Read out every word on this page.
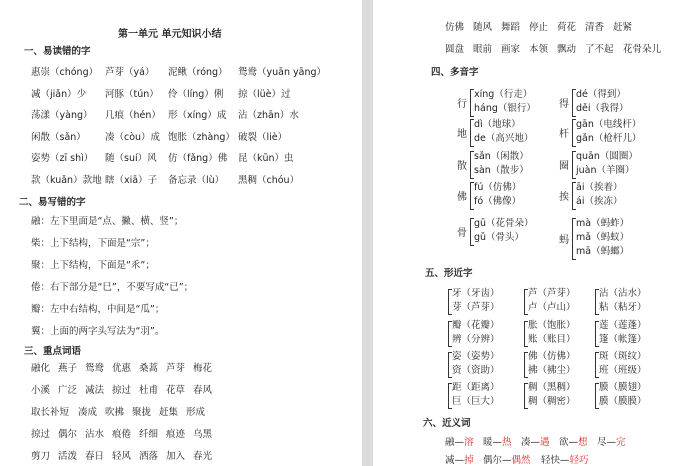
第一单元 单元知识小结
一、易读错的字
惠崇（chóng） 芦芽（yá） 泥鳅（róng） 鸳鸯（yuān yāng）
减（jiǎn）少 河豚（tún） 伶（líng）俐 掠（lüè）过
荡漾（yàng） 几痕（hén） 形（xíng）成 沾（zhān）水
闲散（sǎn） 凑（còu）成 饱胀（zhàng） 破裂（liè）
姿势（zī shì） 随（suí）风 仿（fǎng）佛 昆（kūn）虫
款（kuǎn）款地 瞎（xiā）子 备忘录（lù） 黑稠（chóu）
二、易写错的字
融：左下里面是“点、撇、横、竖”；
柴：上下结构，下面是“宗”；
聚：上下结构，下面是“乑”；
倦：右下部分是“巳”，不要写成“已”；
瓣：左中右结构，中间是“瓜”；
翼：上面的两字头写法为“羽”。
三、重点词语
融化 燕子 鸳鸯 优惠 桑蒿 芦芽 梅花
小溪 广泛 减法 掠过 杜甫 花草 春风
取长补短 凑成 吹拂 聚拢 赶集 形成
掠过 偶尔 沾水 痕倦 纤细 痕迹 乌黑
剪刀 活泼 春日 轻风 洒落 加入 春光
仿佛 随风 舞蹈 停止 荷花 清香 赶紧
圆盘 眼前 画家 本领 飘动 了不起 花骨朵儿
四、多音字
行
xíng（行走）
háng（银行）
地
dì（地球）
de（高兴地）
散
sǎn（闲散）
sàn（散步）
佛
fú（仿佛）
fó（佛像）
骨
gū（花骨朵）
gǔ（骨头）
得
dé（得到）
děi（我得）
杆
gān（电线杆）
gǎn（枪杆儿）
圈
quān（圆圈）
juàn（羊圈）
挨
āi（挨着）
ái（挨冻）
蚂
mà（蚂蚱）
mǎ（蚂蚁）
mā（蚂螂）
五、形近字
牙（牙齿）
芽（芦芽）
芦（芦芽）
卢（卢山）
沾（沾水）
粘（粘牙）
瓣（花瓣）
辨（分辨）
胀（饱胀）
账（账目）
莲（莲蓬）
篷（帐篷）
姿（姿势）
资（资助）
佛（仿佛）
拂（拂尘）
斑（斑纹）
班（班级）
距（距离）
巨（巨大）
稠（黑稠）
稠（稠密）
膜（膜翅）
膜（膜膜）
六、近义词
融—溶 暖—热 凑—遇 欲—想 尽—完
减—掉 偶尔—偶然 轻快—轻巧
